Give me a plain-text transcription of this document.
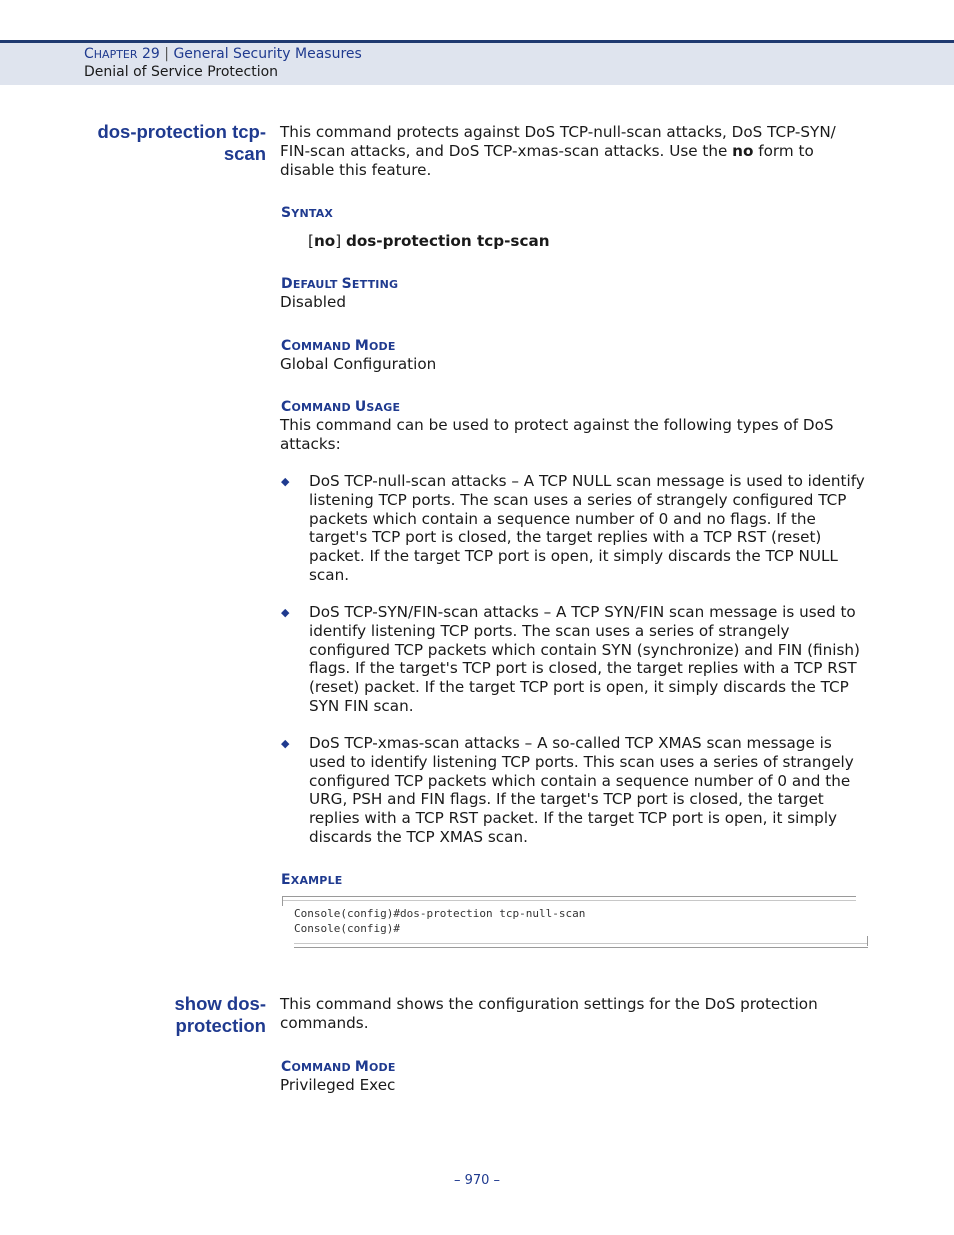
CHAPTER 29 | General Security Measures
Denial of Service Protection
dos-protection tcp-
scan
This command protects against DoS TCP-null-scan attacks, DoS TCP-SYN/ FIN-scan attacks, and DoS TCP-xmas-scan attacks. Use the no form to disable this feature.
SYNTAX
[no] dos-protection tcp-scan
DEFAULT SETTING
Disabled
COMMAND MODE
Global Configuration
COMMAND USAGE
This command can be used to protect against the following types of DoS attacks:
◆ DoS TCP-null-scan attacks – A TCP NULL scan message is used to identify listening TCP ports. The scan uses a series of strangely configured TCP packets which contain a sequence number of 0 and no flags. If the target's TCP port is closed, the target replies with a TCP RST (reset) packet. If the target TCP port is open, it simply discards the TCP NULL scan.
◆ DoS TCP-SYN/FIN-scan attacks – A TCP SYN/FIN scan message is used to identify listening TCP ports. The scan uses a series of strangely configured TCP packets which contain SYN (synchronize) and FIN (finish) flags. If the target's TCP port is closed, the target replies with a TCP RST (reset) packet. If the target TCP port is open, it simply discards the TCP SYN FIN scan.
◆ DoS TCP-xmas-scan attacks – A so-called TCP XMAS scan message is used to identify listening TCP ports. This scan uses a series of strangely configured TCP packets which contain a sequence number of 0 and the URG, PSH and FIN flags. If the target's TCP port is closed, the target replies with a TCP RST packet. If the target TCP port is open, it simply discards the TCP XMAS scan.
EXAMPLE
Console(config)#dos-protection tcp-null-scan
Console(config)#
show dos-
protection
This command shows the configuration settings for the DoS protection commands.
COMMAND MODE
Privileged Exec
– 970 –
